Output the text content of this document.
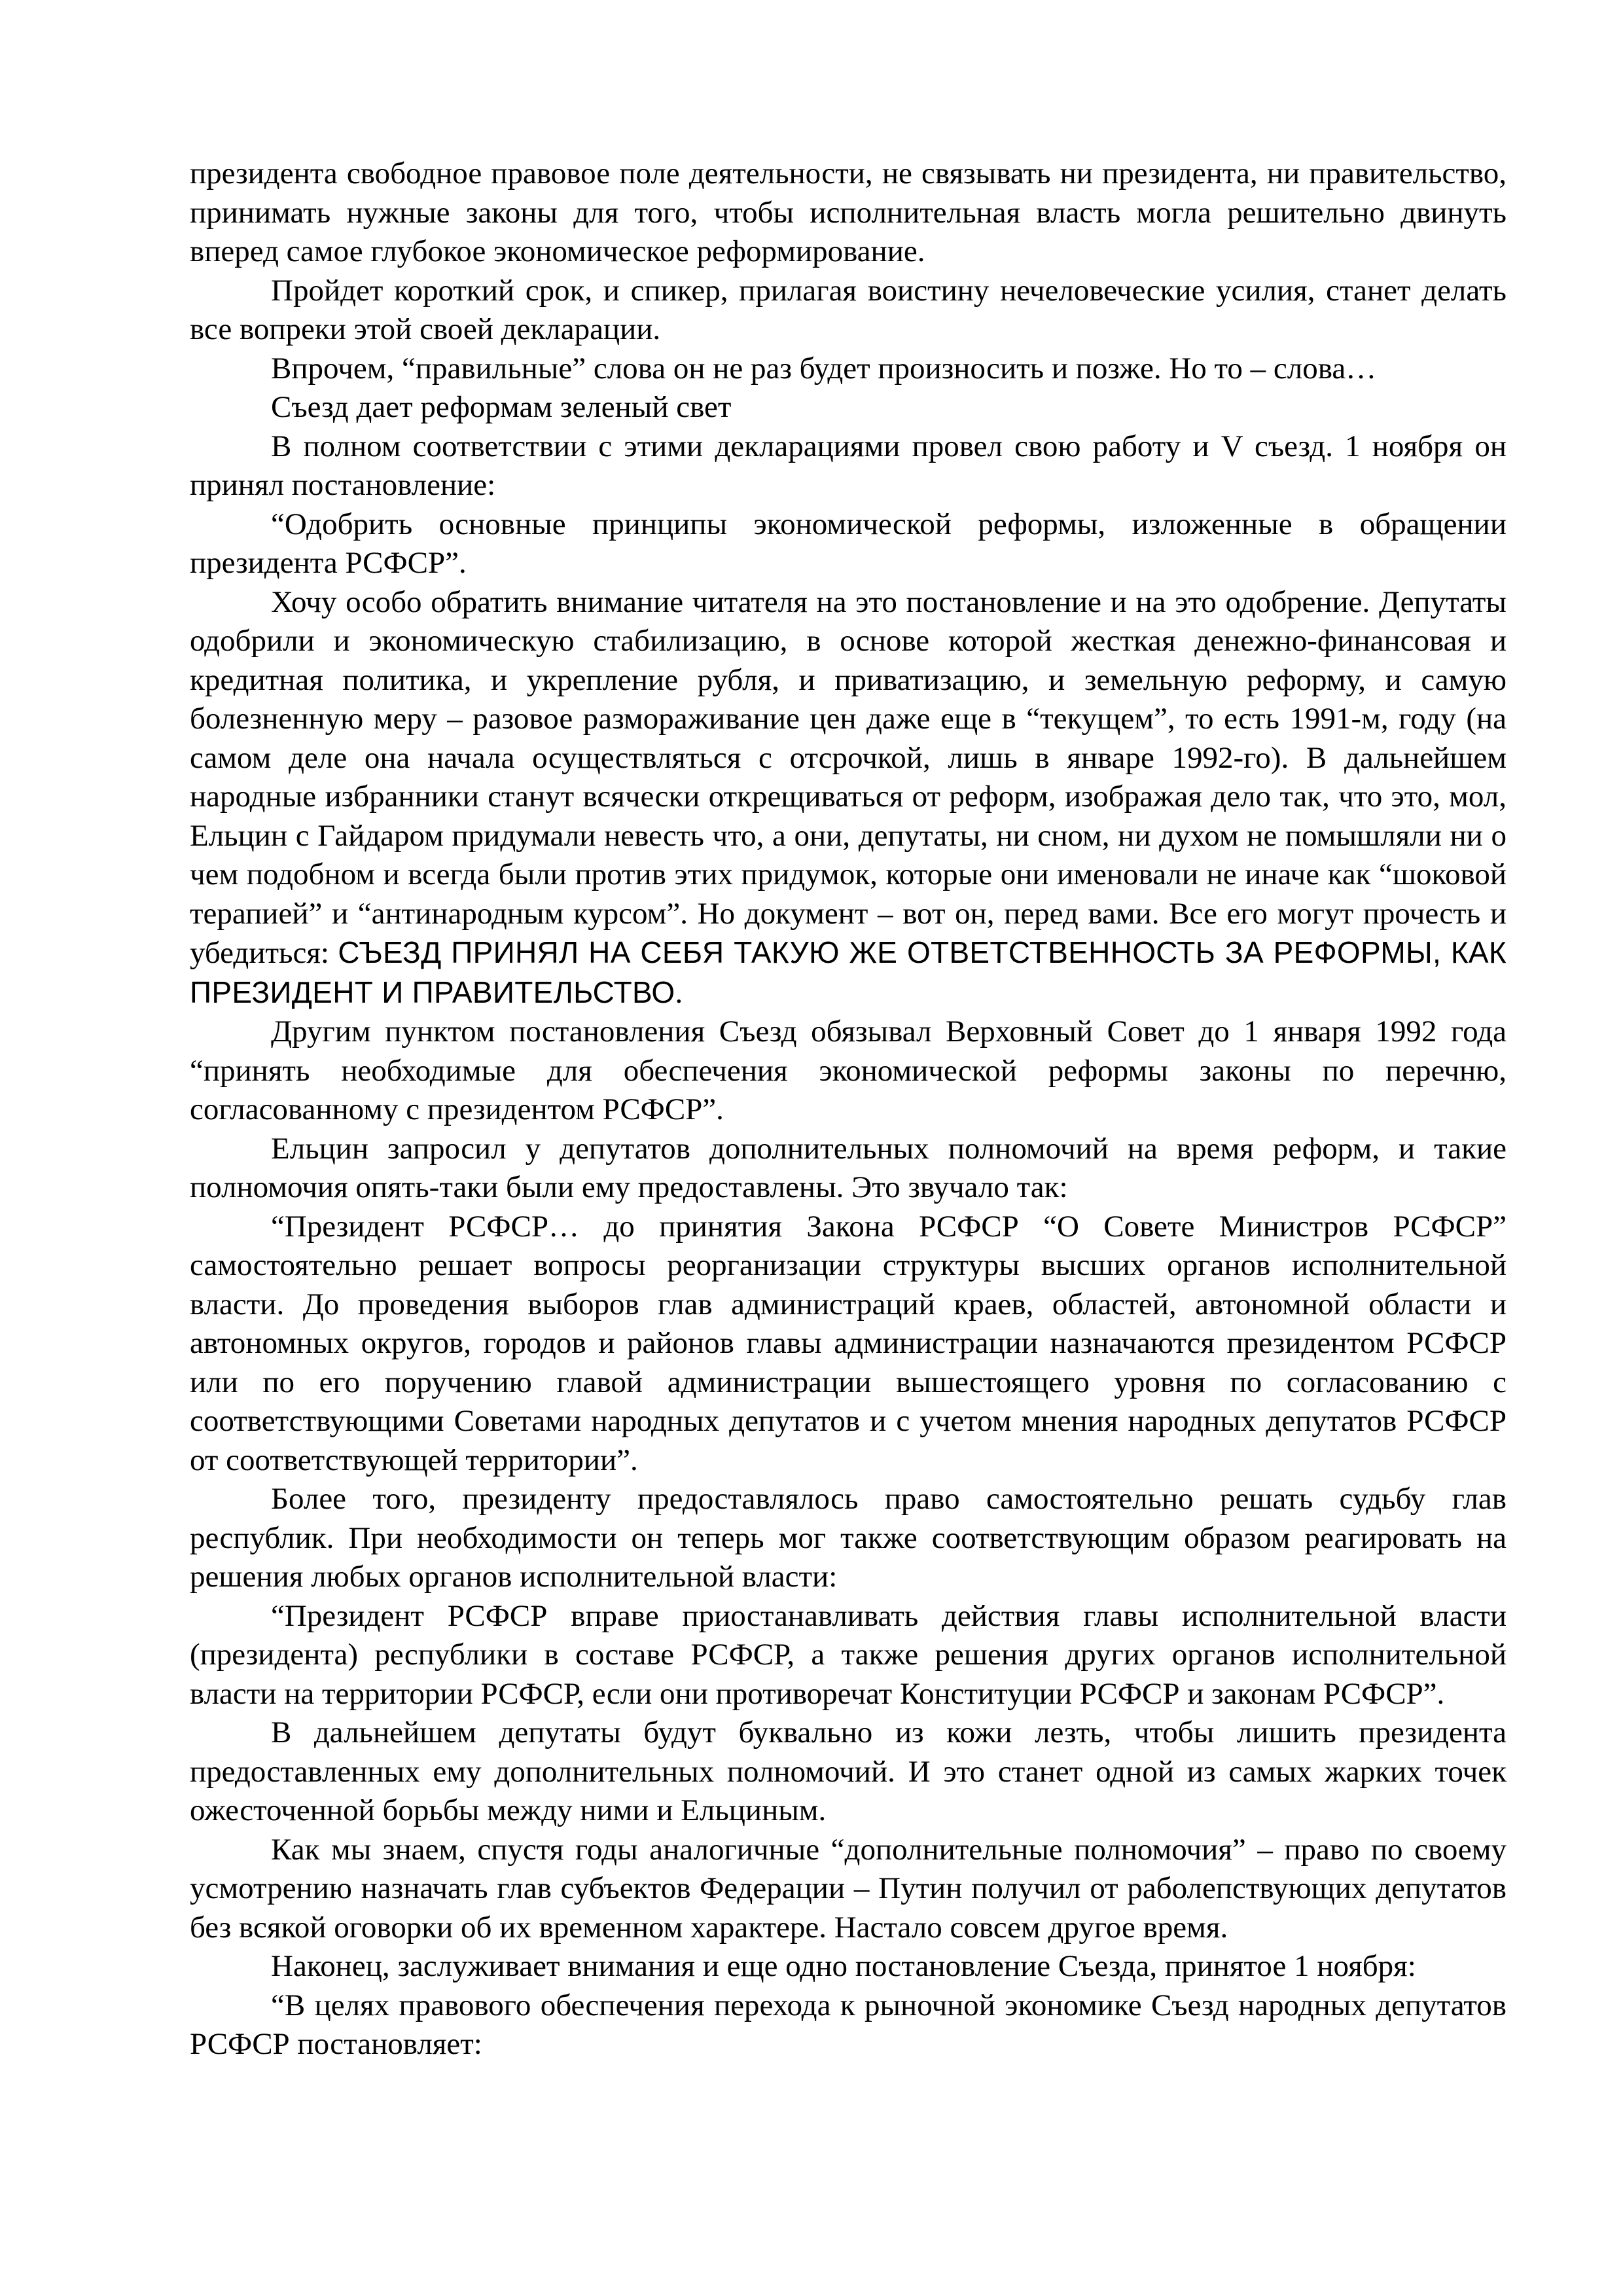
президента свободное правовое поле деятельности, не связывать ни президента, ни правительство, принимать нужные законы для того, чтобы исполнительная власть могла решительно двинуть вперед самое глубокое экономическое реформирование.

Пройдет короткий срок, и спикер, прилагая воистину нечеловеческие усилия, станет делать все вопреки этой своей декларации.

Впрочем, “правильные” слова он не раз будет произносить и позже. Но то – слова…

Съезд дает реформам зеленый свет

В полном соответствии с этими декларациями провел свою работу и V съезд. 1 ноября он принял постановление:

“Одобрить основные принципы экономической реформы, изложенные в обращении президента РСФСР”.

Хочу особо обратить внимание читателя на это постановление и на это одобрение. Депутаты одобрили и экономическую стабилизацию, в основе которой жесткая денежно-финансовая и кредитная политика, и укрепление рубля, и приватизацию, и земельную реформу, и самую болезненную меру – разовое размораживание цен даже еще в “текущем”, то есть 1991-м, году (на самом деле она начала осуществляться с отсрочкой, лишь в январе 1992-го). В дальнейшем народные избранники станут всячески открещиваться от реформ, изображая дело так, что это, мол, Ельцин с Гайдаром придумали невесть что, а они, депутаты, ни сном, ни духом не помышляли ни о чем подобном и всегда были против этих придумок, которые они именовали не иначе как “шоковой терапией” и “антинародным курсом”. Но документ – вот он, перед вами. Все его могут прочесть и убедиться: СЪЕЗД ПРИНЯЛ НА СЕБЯ ТАКУЮ ЖЕ ОТВЕТСТВЕННОСТЬ ЗА РЕФОРМЫ, КАК ПРЕЗИДЕНТ И ПРАВИТЕЛЬСТВО.

Другим пунктом постановления Съезд обязывал Верховный Совет до 1 января 1992 года “принять необходимые для обеспечения экономической реформы законы по перечню, согласованному с президентом РСФСР”.

Ельцин запросил у депутатов дополнительных полномочий на время реформ, и такие полномочия опять-таки были ему предоставлены. Это звучало так:

“Президент РСФСР… до принятия Закона РСФСР “О Совете Министров РСФСР” самостоятельно решает вопросы реорганизации структуры высших органов исполнительной власти. До проведения выборов глав администраций краев, областей, автономной области и автономных округов, городов и районов главы администрации назначаются президентом РСФСР или по его поручению главой администрации вышестоящего уровня по согласованию с соответствующими Советами народных депутатов и с учетом мнения народных депутатов РСФСР от соответствующей территории”.

Более того, президенту предоставлялось право самостоятельно решать судьбу глав республик. При необходимости он теперь мог также соответствующим образом реагировать на решения любых органов исполнительной власти:

“Президент РСФСР вправе приостанавливать действия главы исполнительной власти (президента) республики в составе РСФСР, а также решения других органов исполнительной власти на территории РСФСР, если они противоречат Конституции РСФСР и законам РСФСР”.

В дальнейшем депутаты будут буквально из кожи лезть, чтобы лишить президента предоставленных ему дополнительных полномочий. И это станет одной из самых жарких точек ожесточенной борьбы между ними и Ельциным.

Как мы знаем, спустя годы аналогичные “дополнительные полномочия” – право по своему усмотрению назначать глав субъектов Федерации – Путин получил от раболепствующих депутатов без всякой оговорки об их временном характере. Настало совсем другое время.

Наконец, заслуживает внимания и еще одно постановление Съезда, принятое 1 ноября:

“В целях правового обеспечения перехода к рыночной экономике Съезд народных депутатов РСФСР постановляет:
